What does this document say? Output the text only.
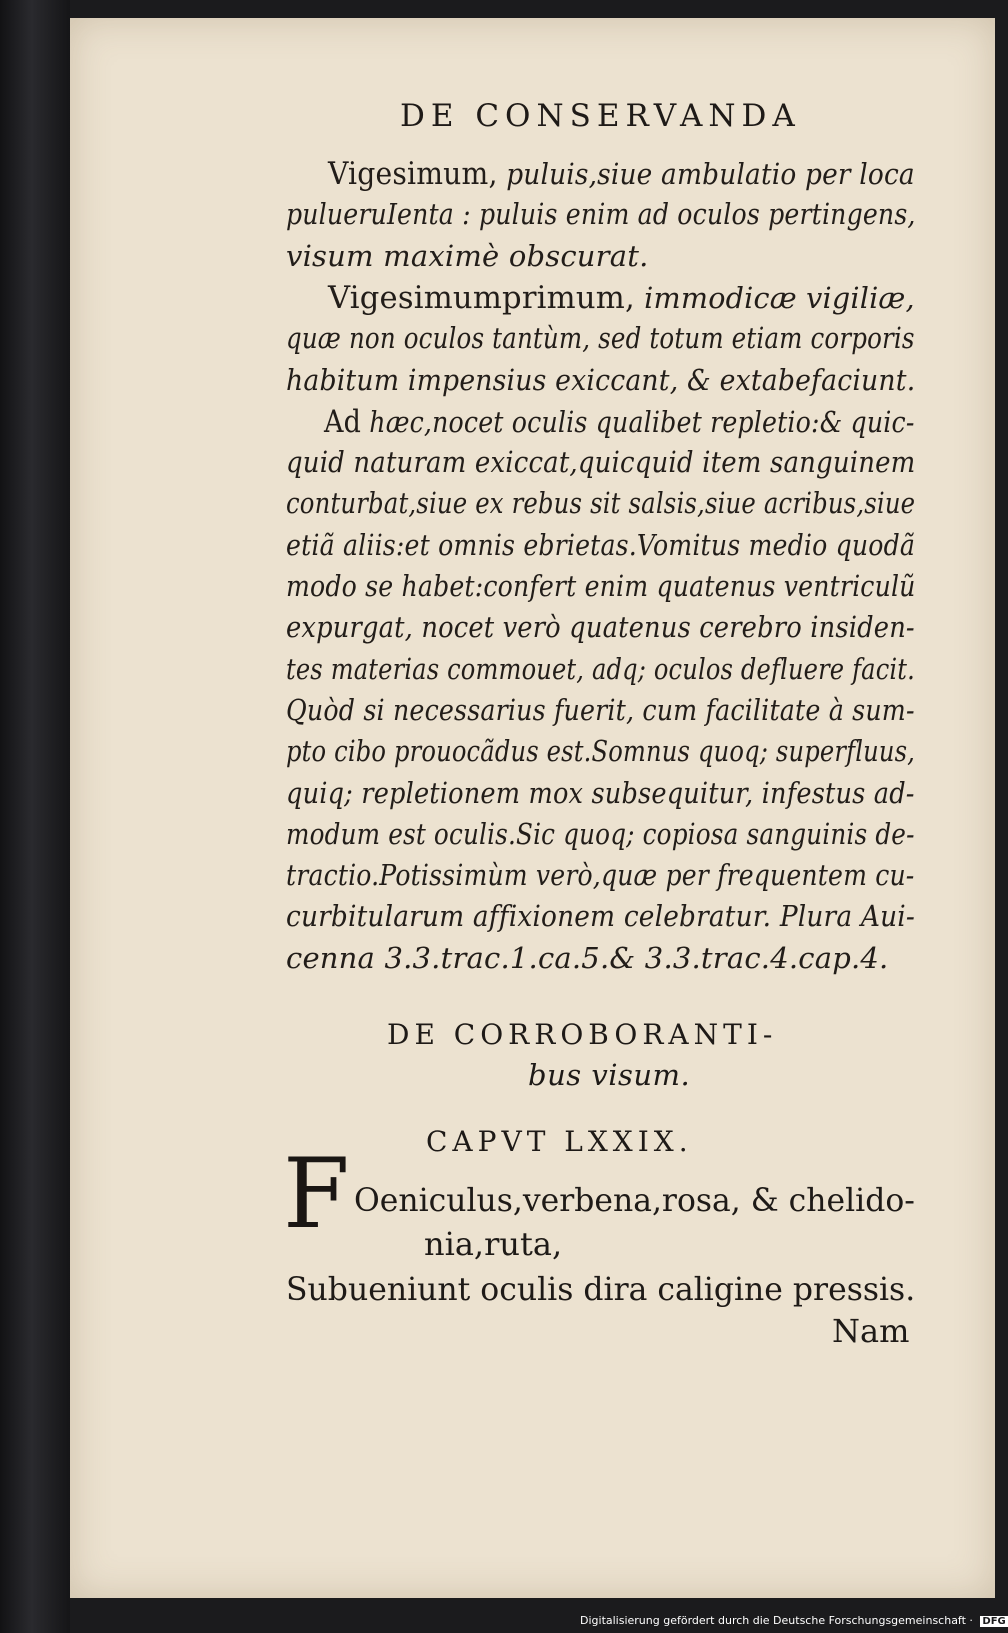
DE CONSERVANDA
Vigesimum, puluis,siue ambulatio per loca
pulueruIenta : puluis enim ad oculos pertingens,
visum maximè obscurat.
Vigesimumprimum, immodicæ vigiliæ,
quæ non oculos tantùm, sed totum etiam corporis
habitum impensius exiccant, & extabefaciunt.
Ad hæc,nocet oculis qualibet repletio:& quic-
quid naturam exiccat,quicquid item sanguinem
conturbat,siue ex rebus sit salsis,siue acribus,siue
etiã aliis:et omnis ebrietas.Vomitus medio quodã
modo se habet:confert enim quatenus ventriculũ
expurgat, nocet verò quatenus cerebro insiden-
tes materias commouet, adq; oculos defluere facit.
Quòd si necessarius fuerit, cum facilitate à sum-
pto cibo prouocãdus est.Somnus quoq; superfluus,
quiq; repletionem mox subsequitur, infestus ad-
modum est oculis.Sic quoq; copiosa sanguinis de-
tractio.Potissimùm verò,quæ per frequentem cu-
curbitularum affixionem celebratur. Plura Aui-
cenna 3.3.trac.1.ca.5.& 3.3.trac.4.cap.4.
DE CORROBORANTI-
bus visum.
CAPVT LXXIX.
F Oeniculus,verbena,rosa, & chelido-
nia,ruta,
Subueniunt oculis dira caligine pressis.
Nam
Digitalisierung gefördert durch die Deutsche Forschungsgemeinschaft · DFG
